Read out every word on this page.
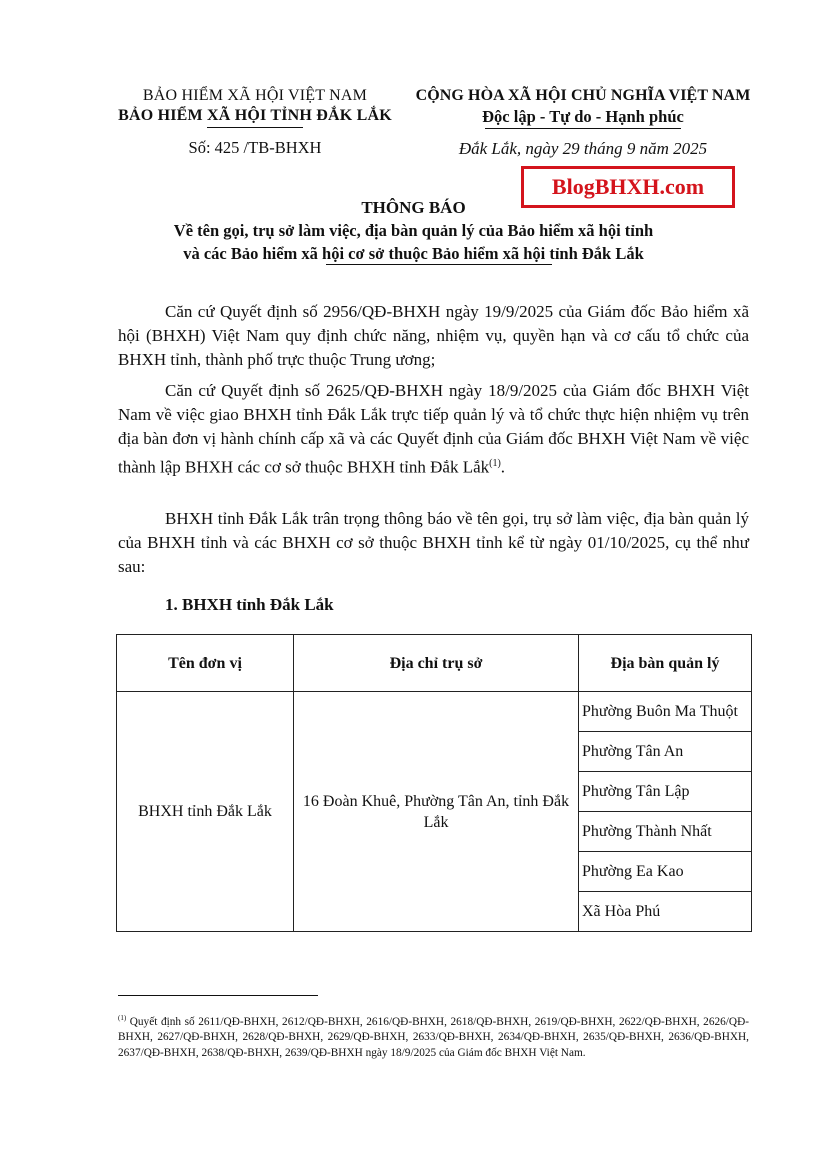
BẢO HIỂM XÃ HỘI VIỆT NAM
BẢO HIỂM XÃ HỘI TỈNH ĐẮK LẮK
Số: 425 /TB-BHXH
CỘNG HÒA XÃ HỘI CHỦ NGHĨA VIỆT NAM
Độc lập - Tự do - Hạnh phúc
Đắk Lắk, ngày 29 tháng 9 năm 2025
BlogBHXH.com
THÔNG BÁO
Về tên gọi, trụ sở làm việc, địa bàn quản lý của Bảo hiểm xã hội tỉnh
và các Bảo hiểm xã hội cơ sở thuộc Bảo hiểm xã hội tỉnh Đắk Lắk
Căn cứ Quyết định số 2956/QĐ-BHXH ngày 19/9/2025 của Giám đốc Bảo hiểm xã hội (BHXH) Việt Nam quy định chức năng, nhiệm vụ, quyền hạn và cơ cấu tổ chức của BHXH tỉnh, thành phố trực thuộc Trung ương;
Căn cứ Quyết định số 2625/QĐ-BHXH ngày 18/9/2025 của Giám đốc BHXH Việt Nam về việc giao BHXH tỉnh Đắk Lắk trực tiếp quản lý và tổ chức thực hiện nhiệm vụ trên địa bàn đơn vị hành chính cấp xã và các Quyết định của Giám đốc BHXH Việt Nam về việc thành lập BHXH các cơ sở thuộc BHXH tỉnh Đắk Lắk$^{(1)}$.
BHXH tỉnh Đắk Lắk trân trọng thông báo về tên gọi, trụ sở làm việc, địa bàn quản lý của BHXH tỉnh và các BHXH cơ sở thuộc BHXH tỉnh kể từ ngày 01/10/2025, cụ thể như sau:
1. BHXH tỉnh Đắk Lắk
Tên đơn vị	Địa chỉ trụ sở	Địa bàn quản lý
BHXH tỉnh Đắk Lắk	16 Đoàn Khuê, Phường Tân An, tỉnh Đắk Lắk	Phường Buôn Ma Thuột
		Phường Tân An
		Phường Tân Lập
		Phường Thành Nhất
		Phường Ea Kao
		Xã Hòa Phú
$^{(1)}$ Quyết định số 2611/QĐ-BHXH, 2612/QĐ-BHXH, 2616/QĐ-BHXH, 2618/QĐ-BHXH, 2619/QĐ-BHXH, 2622/QĐ-BHXH, 2626/QĐ-BHXH, 2627/QĐ-BHXH, 2628/QĐ-BHXH, 2629/QĐ-BHXH, 2633/QĐ-BHXH, 2634/QĐ-BHXH, 2635/QĐ-BHXH, 2636/QĐ-BHXH, 2637/QĐ-BHXH, 2638/QĐ-BHXH, 2639/QĐ-BHXH ngày 18/9/2025 của Giám đốc BHXH Việt Nam.
